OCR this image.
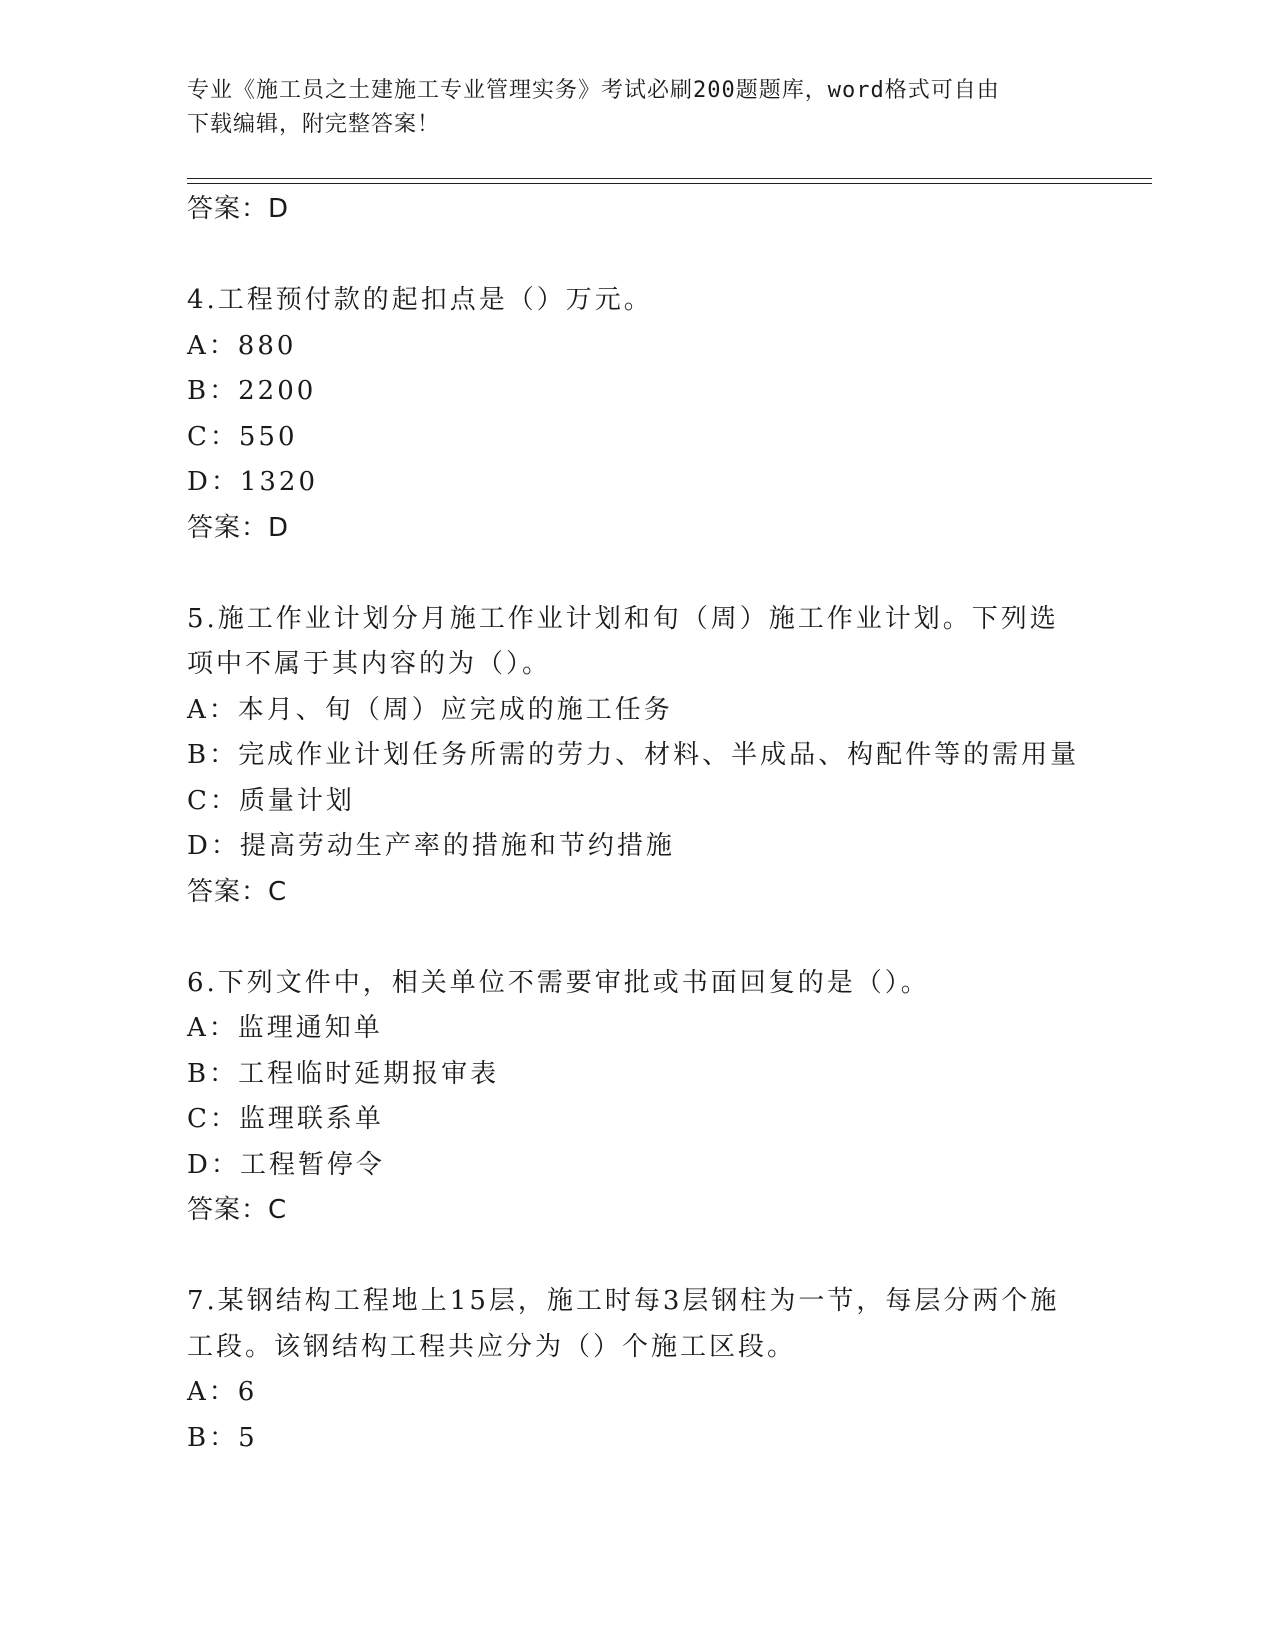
专业《施工员之土建施工专业管理实务》考试必刷200题题库，word格式可自由
下载编辑，附完整答案！
答案：D
4.工程预付款的起扣点是（）万元。
A：880
B：2200
C：550
D：1320
答案：D
5.施工作业计划分月施工作业计划和旬（周）施工作业计划。下列选
项中不属于其内容的为（）。
A：本月、旬（周）应完成的施工任务
B：完成作业计划任务所需的劳力、材料、半成品、构配件等的需用量
C：质量计划
D：提高劳动生产率的措施和节约措施
答案：C
6.下列文件中，相关单位不需要审批或书面回复的是（）。
A：监理通知单
B：工程临时延期报审表
C：监理联系单
D：工程暂停令
答案：C
7.某钢结构工程地上15层，施工时每3层钢柱为一节，每层分两个施
工段。该钢结构工程共应分为（）个施工区段。
A：6
B：5
